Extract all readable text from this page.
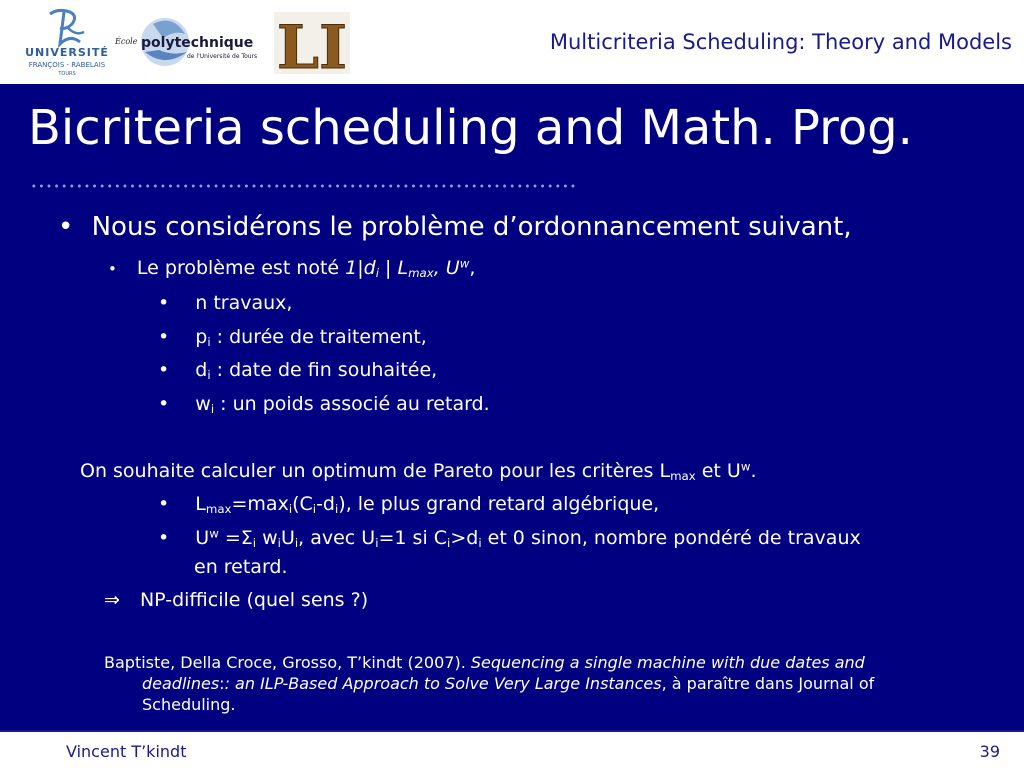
UNIVERSITÉ
FRANÇOIS - RABELAIS
TOURS
École polytechnique
de l'Université de Tours LI	Multicriteria Scheduling: Theory and Models
Bicriteria scheduling and Math. Prog.
• Nous considérons le problème d’ordonnancement suivant,
• Le problème est noté $1|d_i$ | $L_{max}$, $U^w$,
• n travaux,
• $p_i$ : durée de traitement,
• $d_i$ : date de fin souhaitée,
• $w_i$ : un poids associé au retard.
On souhaite calculer un optimum de Pareto pour les critères $L_{max}$ et $U^w$.
• $L_{max}=\max_i(C_i-d_i)$, le plus grand retard algébrique,
• $U^w =\Sigma_i$ $w_iU_i$, avec $U_i=1$ si $C_i>d_i$ et 0 sinon, nombre pondéré de travaux
en retard.
⇒ NP-difficile (quel sens ?)
Baptiste, Della Croce, Grosso, T’kindt (2007). Sequencing a single machine with due dates and
deadlines:: an ILP-Based Approach to Solve Very Large Instances, à paraître dans Journal of
Scheduling.
Vincent T’kindt	39
